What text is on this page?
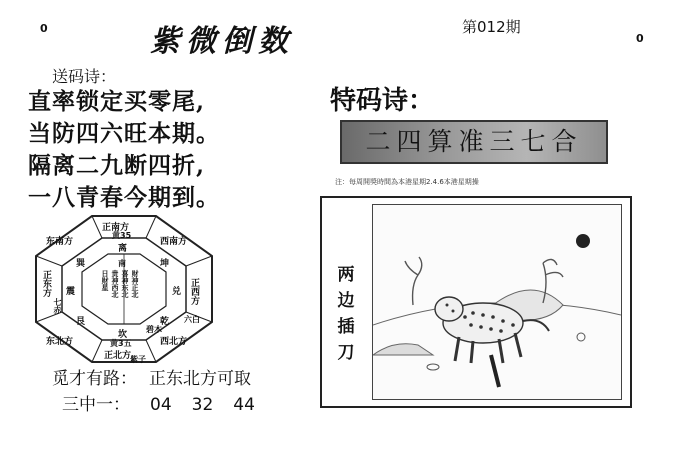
0
0
紫微倒数	第012期
送码诗：
直率锁定买零尾,
当防四六旺本期。
隔离二九断四折,
一八青春今期到。
特码诗：
二四算准三七合
注：每周開獎時間為本港星期2.4.6本港星期操
两边插刀
正南方
西南方
正西方
西北方
正北方
东北方
正东方
东南方
离
坤
兑
乾
坎
艮
震
巽	南
财神正北
喜神东北
贵神西北
日财星
黄35
黄3五
紫子
碧木
六白
七赤
觅才有路： 正东北方可取
三中一： 04 32 44
